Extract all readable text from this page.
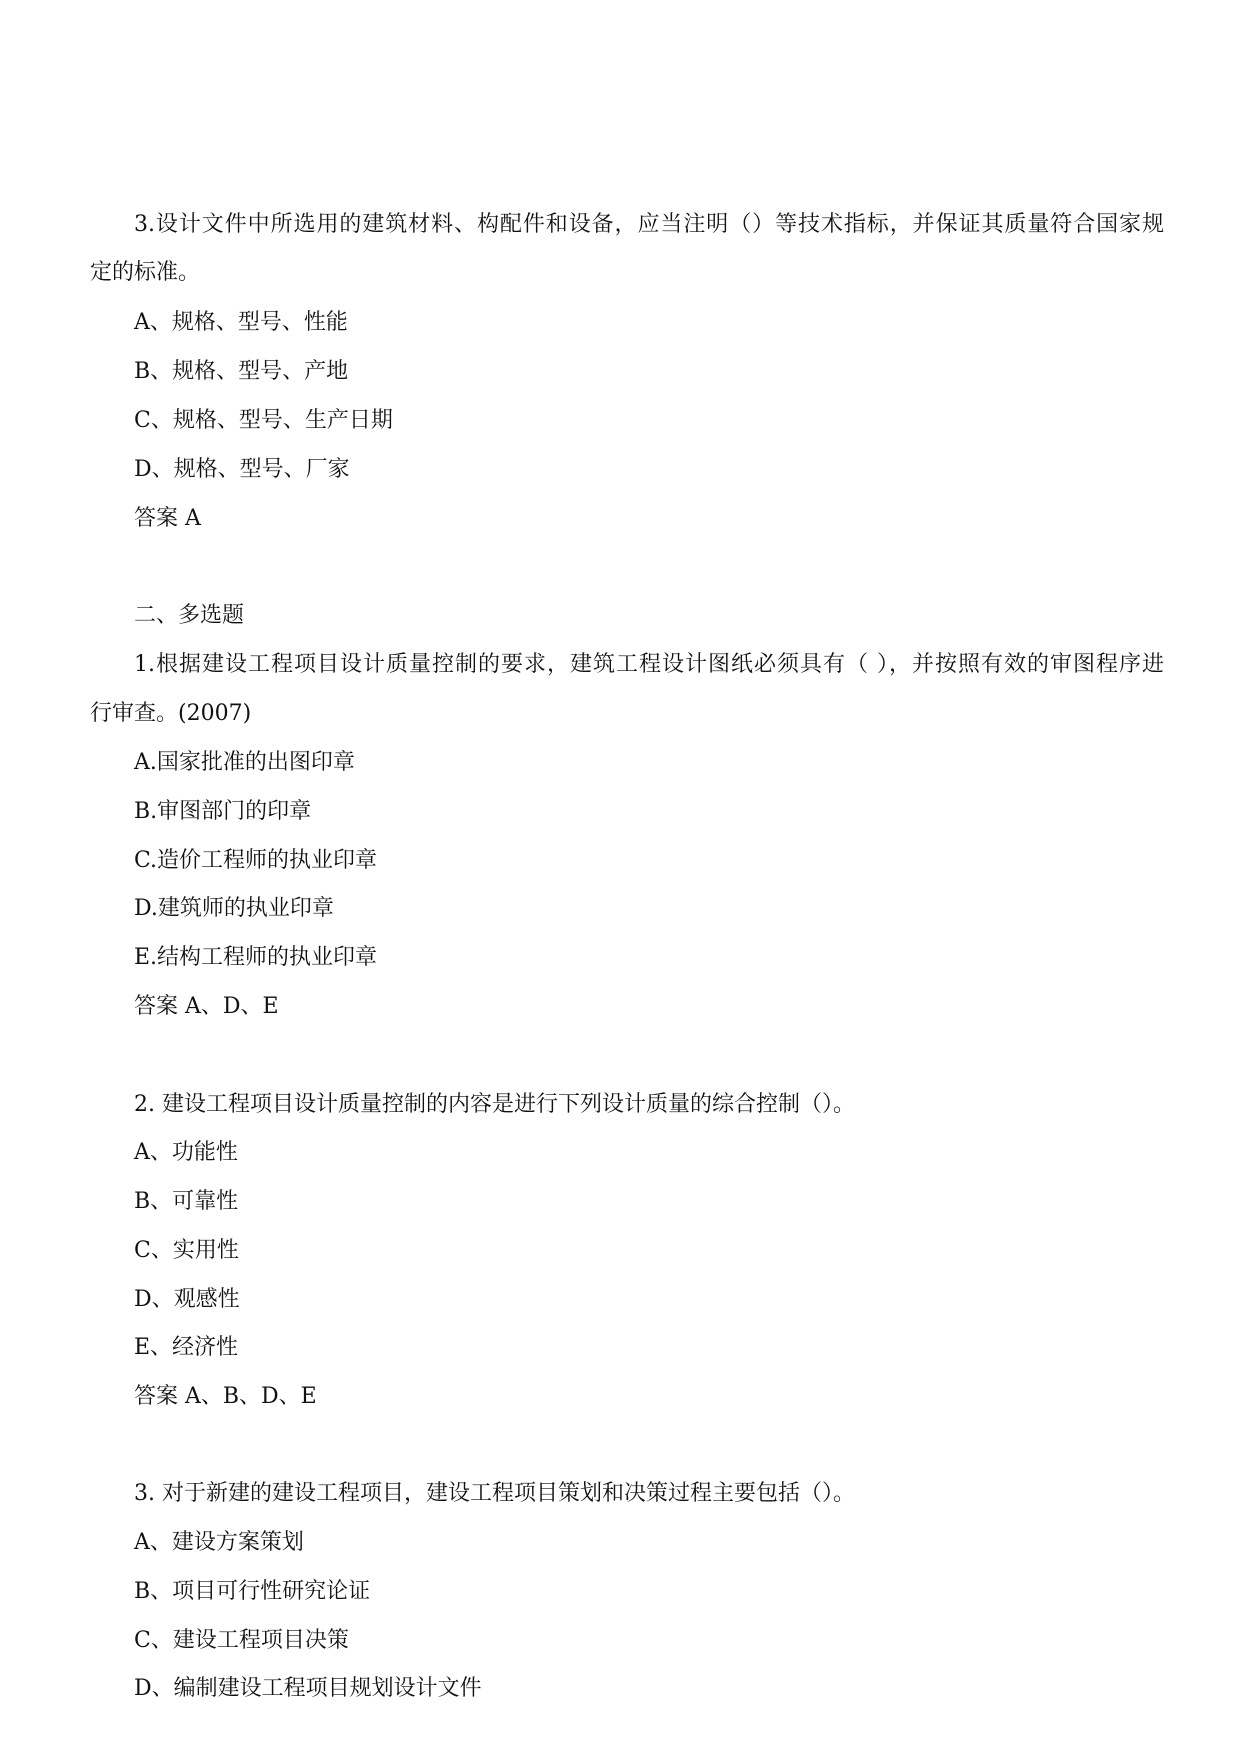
3.设计文件中所选用的建筑材料、构配件和设备，应当注明（）等技术指标，并保证其质量符合国家规
定的标准。
A、规格、型号、性能
B、规格、型号、产地
C、规格、型号、生产日期
D、规格、型号、厂家
答案 A
二、多选题
1.根据建设工程项目设计质量控制的要求，建筑工程设计图纸必须具有（ ），并按照有效的审图程序进
行审查。(2007)
A.国家批准的出图印章
B.审图部门的印章
C.造价工程师的执业印章
D.建筑师的执业印章
E.结构工程师的执业印章
答案 A、D、E
2. 建设工程项目设计质量控制的内容是进行下列设计质量的综合控制（）。
A、功能性
B、可靠性
C、实用性
D、观感性
E、经济性
答案 A、B、D、E
3. 对于新建的建设工程项目，建设工程项目策划和决策过程主要包括（）。
A、建设方案策划
B、项目可行性研究论证
C、建设工程项目决策
D、编制建设工程项目规划设计文件
